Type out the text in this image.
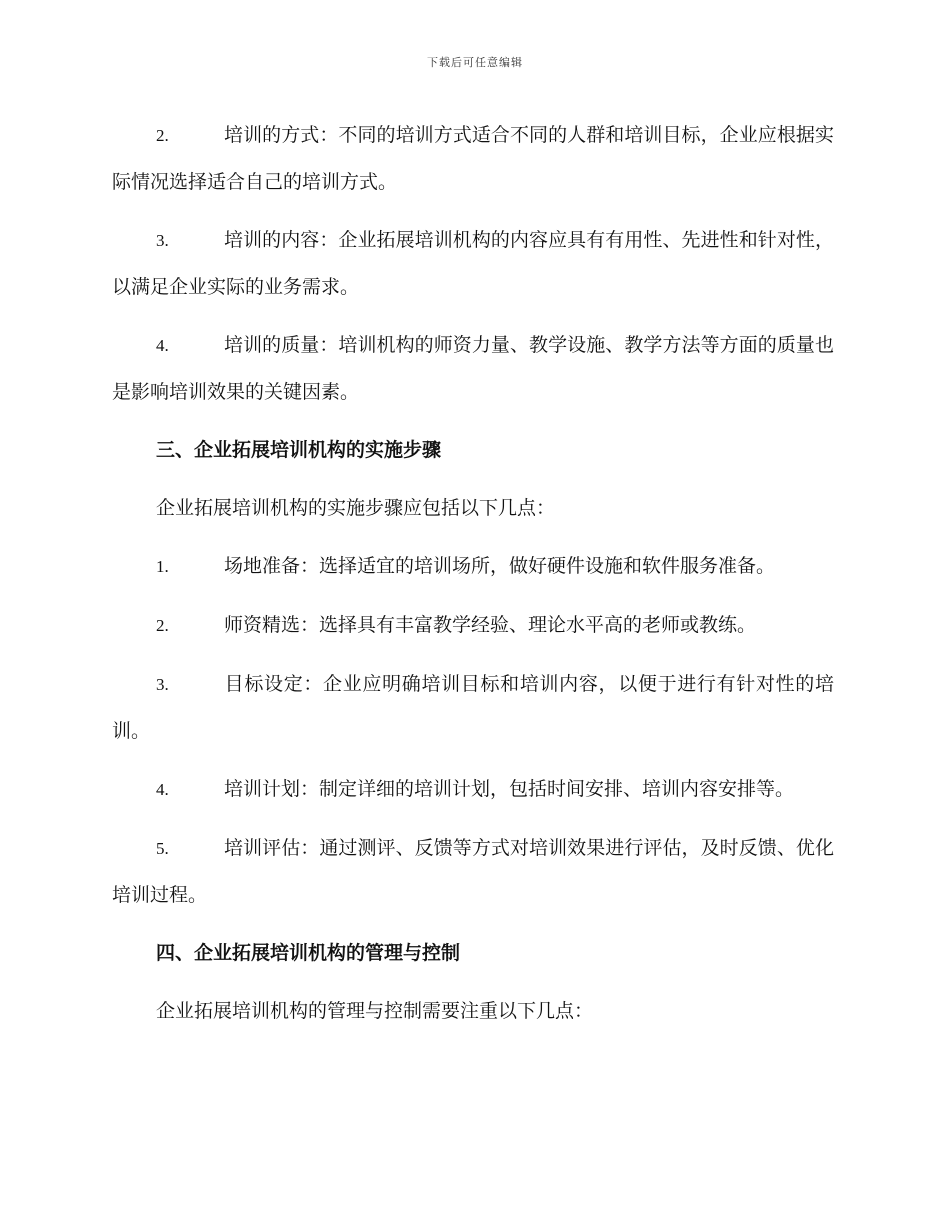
下载后可任意编辑

2.	培训的方式：不同的培训方式适合不同的人群和培训目标，企业应根据实际情况选择适合自己的培训方式。

3.	培训的内容：企业拓展培训机构的内容应具有有用性、先进性和针对性，以满足企业实际的业务需求。

4.	培训的质量：培训机构的师资力量、教学设施、教学方法等方面的质量也是影响培训效果的关键因素。

三、企业拓展培训机构的实施步骤

企业拓展培训机构的实施步骤应包括以下几点：

1.	场地准备：选择适宜的培训场所，做好硬件设施和软件服务准备。

2.	师资精选：选择具有丰富教学经验、理论水平高的老师或教练。

3.	目标设定：企业应明确培训目标和培训内容，以便于进行有针对性的培训。

4.	培训计划：制定详细的培训计划，包括时间安排、培训内容安排等。

5.	培训评估：通过测评、反馈等方式对培训效果进行评估，及时反馈、优化培训过程。

四、企业拓展培训机构的管理与控制

企业拓展培训机构的管理与控制需要注重以下几点：
